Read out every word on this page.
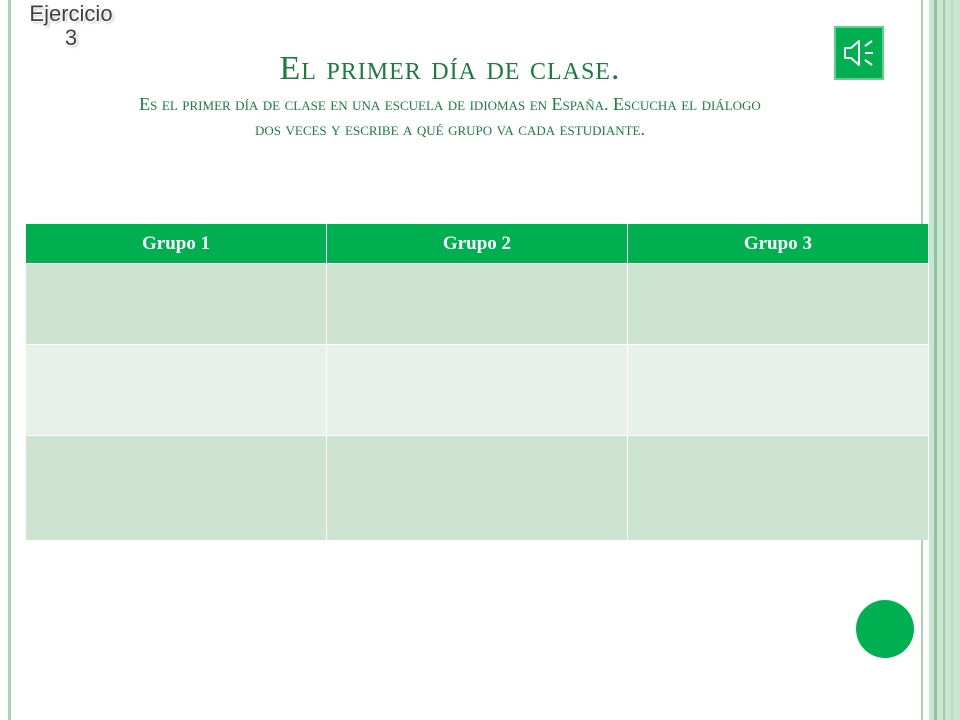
Ejercicio
3
El primer día de clase.
Es el primer día de clase en una escuela de idiomas en España. Escucha el diálogo
dos veces y escribe a qué grupo va cada estudiante.
Grupo 1	Grupo 2	Grupo 3
